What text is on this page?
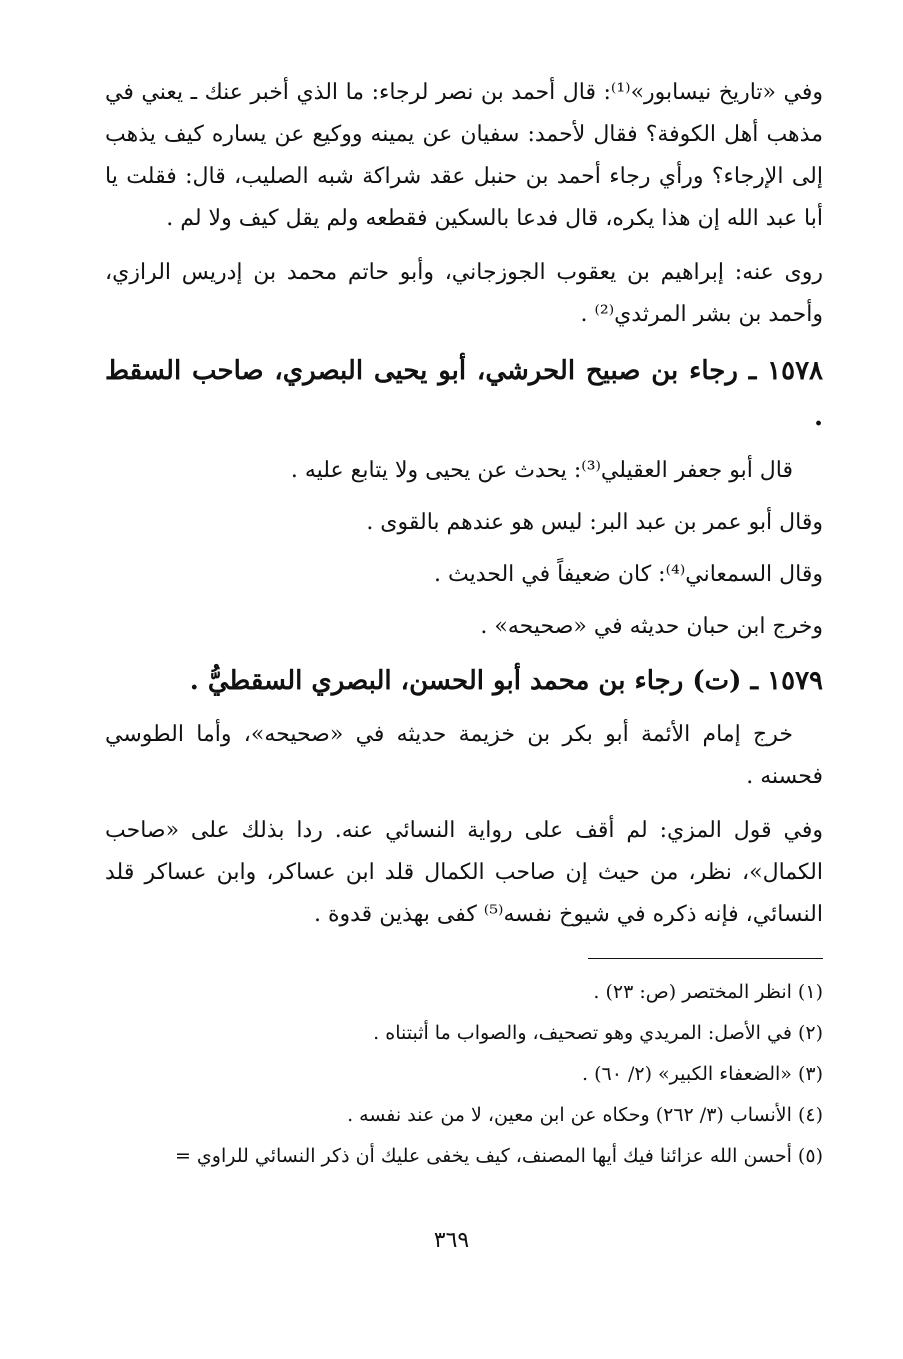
وفي «تاريخ نيسابور»⁽¹⁾: قال أحمد بن نصر لرجاء: ما الذي أخبر عنك ـ يعني في مذهب أهل الكوفة؟ فقال لأحمد: سفيان عن يمينه ووكيع عن يساره كيف يذهب إلى الإرجاء؟ ورأي رجاء أحمد بن حنبل عقد شراكة شبه الصليب، قال: فقلت يا أبا عبد الله إن هذا يكره، قال فدعا بالسكين فقطعه ولم يقل كيف ولا لم .

روى عنه: إبراهيم بن يعقوب الجوزجاني، وأبو حاتم محمد بن إدريس الرازي، وأحمد بن بشر المرثدي⁽²⁾ .

١٥٧٨ ـ رجاء بن صبيح الحرشي، أبو يحيى البصري، صاحب السقط .

قال أبو جعفر العقيلي⁽³⁾: يحدث عن يحيى ولا يتابع عليه .

وقال أبو عمر بن عبد البر: ليس هو عندهم بالقوى .

وقال السمعاني⁽⁴⁾: كان ضعيفاً في الحديث .

وخرج ابن حبان حديثه في «صحيحه» .

١٥٧٩ ـ (ت) رجاء بن محمد أبو الحسن، البصري السقطيُّ .

خرج إمام الأئمة أبو بكر بن خزيمة حديثه في «صحيحه»، وأما الطوسي فحسنه .

وفي قول المزي: لم أقف على رواية النسائي عنه. ردا بذلك على «صاحب الكمال»، نظر، من حيث إن صاحب الكمال قلد ابن عساكر، وابن عساكر قلد النسائي، فإنه ذكره في شيوخ نفسه⁽⁵⁾ كفى بهذين قدوة .

(١) انظر المختصر (ص: ٢٣) .

(٢) في الأصل: المريدي وهو تصحيف، والصواب ما أثبتناه .

(٣) «الضعفاء الكبير» (٢/ ٦٠) .

(٤) الأنساب (٣/ ٢٦٢) وحكاه عن ابن معين، لا من عند نفسه .

(٥) أحسن الله عزائنا فيك أيها المصنف، كيف يخفى عليك أن ذكر النسائي للراوي =

٣٦٩
